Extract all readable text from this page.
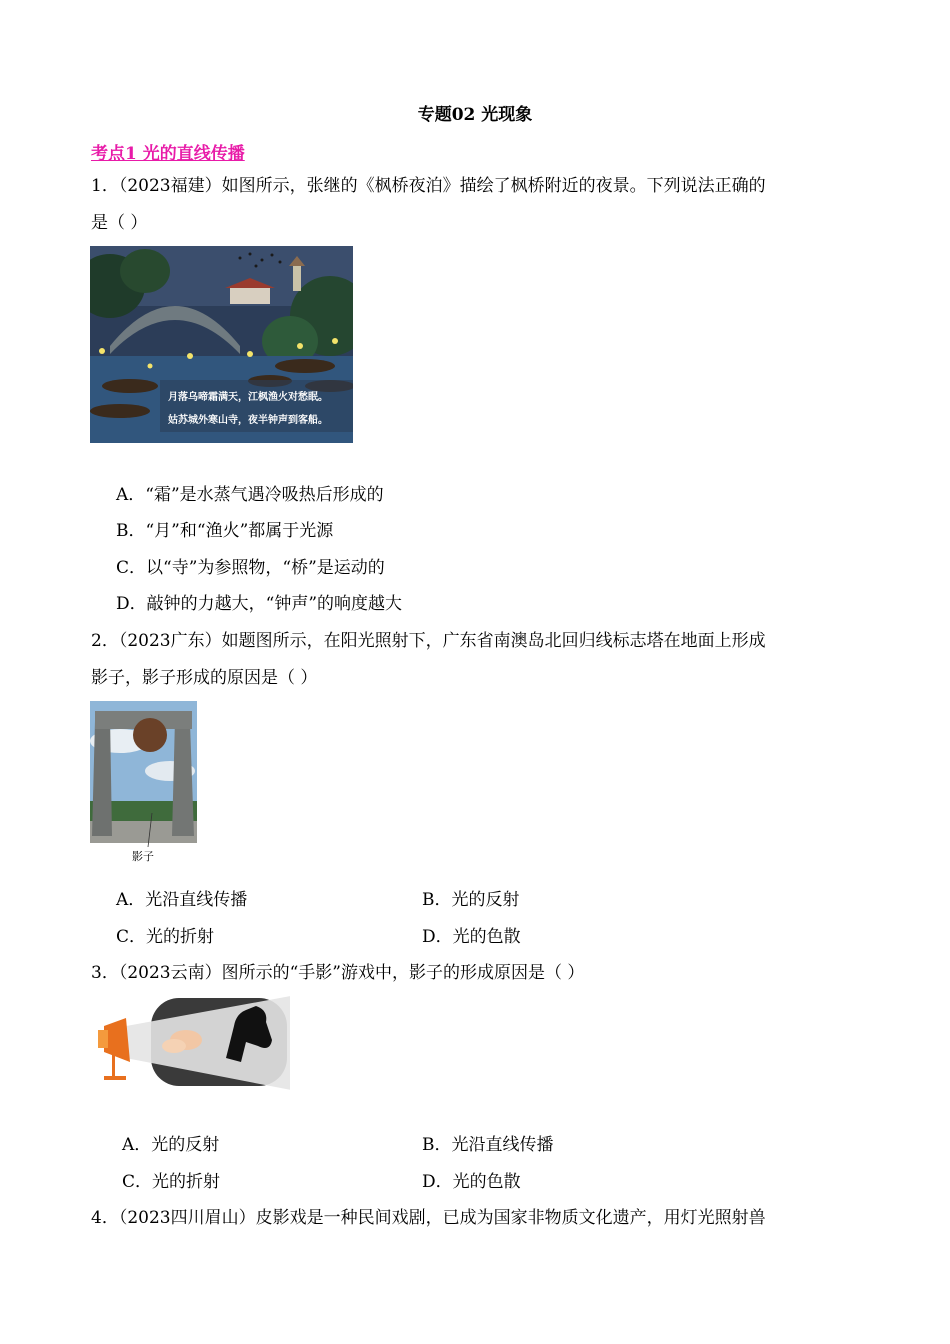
专题02 光现象
考点1 光的直线传播
1．（2023福建）如图所示，张继的《枫桥夜泊》描绘了枫桥附近的夜景。下列说法正确的
是（ ）
月落乌啼霜满天，江枫渔火对愁眠。
姑苏城外寒山寺，夜半钟声到客船。
A．“霜”是水蒸气遇冷吸热后形成的
B．“月”和“渔火”都属于光源
C．以“寺”为参照物，“桥”是运动的
D．敲钟的力越大，“钟声”的响度越大
2．（2023广东）如题图所示，在阳光照射下，广东省南澳岛北回归线标志塔在地面上形成
影子，影子形成的原因是（ ）
影子
A．光沿直线传播	B．光的反射
C．光的折射	D．光的色散
3．（2023云南）图所示的“手影”游戏中，影子的形成原因是（ ）
A．光的反射	B．光沿直线传播
C．光的折射	D．光的色散
4．（2023四川眉山）皮影戏是一种民间戏剧，已成为国家非物质文化遗产，用灯光照射兽
